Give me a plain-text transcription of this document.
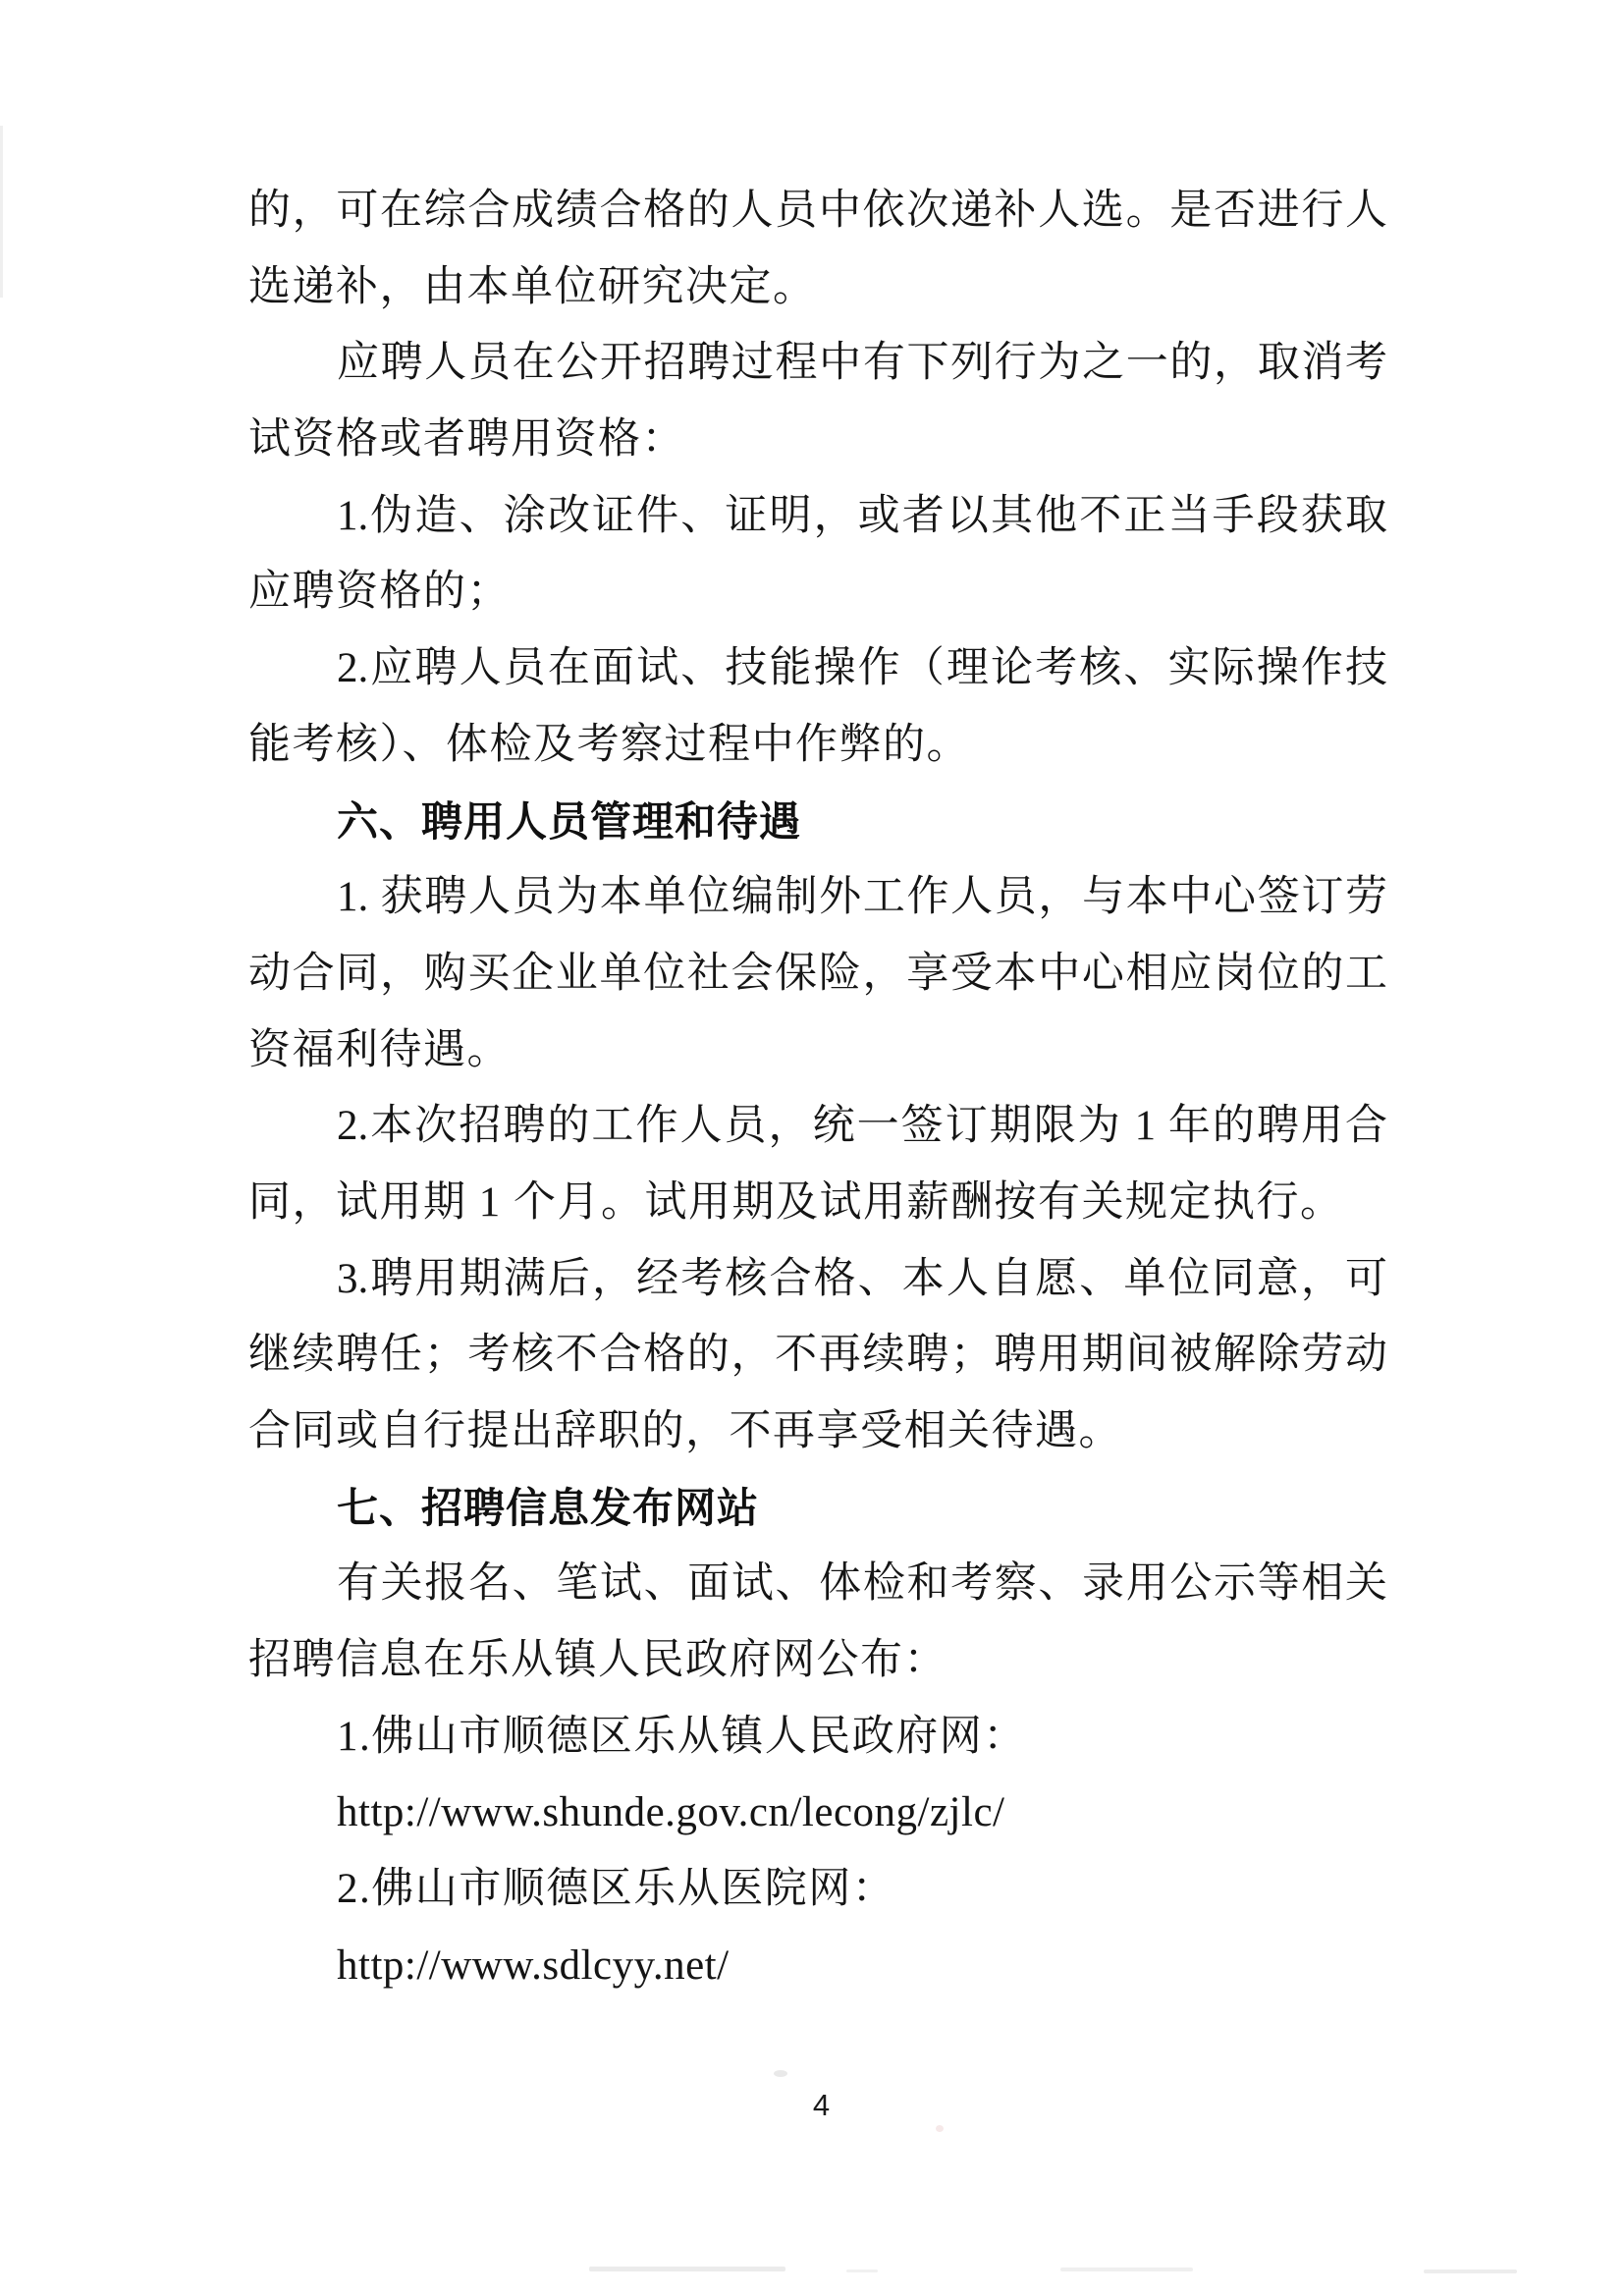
的，可在综合成绩合格的人员中依次递补人选。是否进行人
选递补，由本单位研究决定。
应聘人员在公开招聘过程中有下列行为之一的，取消考
试资格或者聘用资格：
1.伪造、涂改证件、证明，或者以其他不正当手段获取
应聘资格的；
2.应聘人员在面试、技能操作（理论考核、实际操作技
能考核）、体检及考察过程中作弊的。
六、聘用人员管理和待遇
1. 获聘人员为本单位编制外工作人员，与本中心签订劳
动合同，购买企业单位社会保险，享受本中心相应岗位的工
资福利待遇。
2.本次招聘的工作人员，统一签订期限为 1 年的聘用合
同，试用期 1 个月。试用期及试用薪酬按有关规定执行。
3.聘用期满后，经考核合格、本人自愿、单位同意，可
继续聘任；考核不合格的，不再续聘；聘用期间被解除劳动
合同或自行提出辞职的，不再享受相关待遇。
七、招聘信息发布网站
有关报名、笔试、面试、体检和考察、录用公示等相关
招聘信息在乐从镇人民政府网公布：
1.佛山市顺德区乐从镇人民政府网：
http://www.shunde.gov.cn/lecong/zjlc/
2.佛山市顺德区乐从医院网：
http://www.sdlcyy.net/
4
